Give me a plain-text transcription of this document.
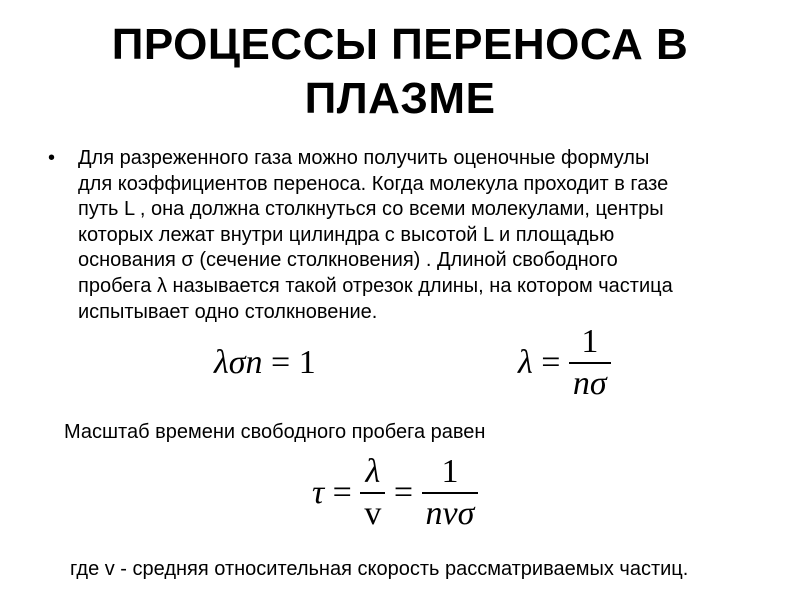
ПРОЦЕССЫ ПЕРЕНОСА В
ПЛАЗМЕ
• Для разреженного газа можно получить оценочные формулы
для коэффициентов переноса. Когда молекула проходит в газе
путь L , она должна столкнуться со всеми молекулами, центры
которых лежат внутри цилиндра с высотой L и площадью
основания σ (сечение столкновения) . Длиной свободного
пробега λ называется такой отрезок длины, на котором частица
испытывает одно столкновение.
λσn = 1	$\lambda = \frac{1}{n\sigma}$
Масштаб времени свободного пробега равен
$\tau = \frac{\lambda}{v} = \frac{1}{\text{nvσ}}$
где v - средняя относительная скорость рассматриваемых частиц.
